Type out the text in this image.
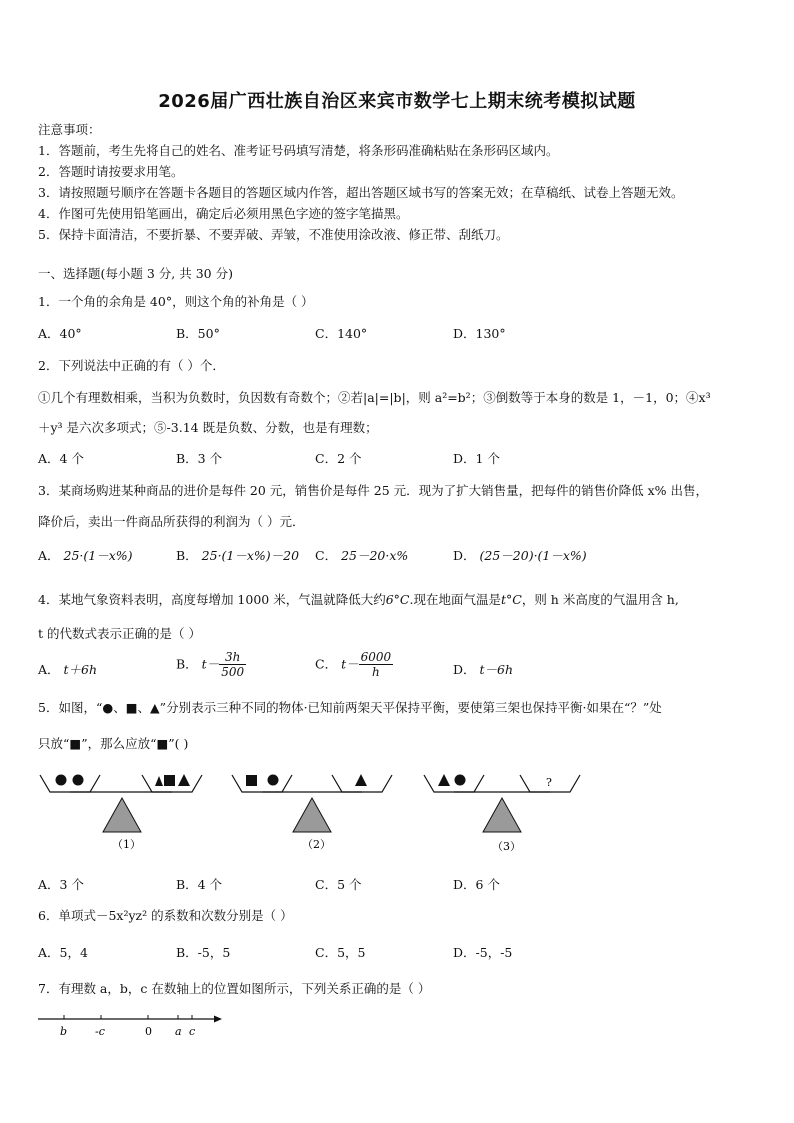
2026届广西壮族自治区来宾市数学七上期末统考模拟试题
注意事项：
1．答题前，考生先将自己的姓名、准考证号码填写清楚，将条形码准确粘贴在条形码区域内。
2．答题时请按要求用笔。
3．请按照题号顺序在答题卡各题目的答题区域内作答，超出答题区域书写的答案无效；在草稿纸、试卷上答题无效。
4．作图可先使用铅笔画出，确定后必须用黑色字迹的签字笔描黑。
5．保持卡面清洁，不要折暴、不要弄破、弄皱，不准使用涂改液、修正带、刮纸刀。
一、选择题(每小题 3 分, 共 30 分)
1．一个角的余角是 40°，则这个角的补角是（ ）
A．40°	B．50°	C．140°	D．130°
2．下列说法中正确的有（ ）个．
①几个有理数相乘，当积为负数时，负因数有奇数个；②若|a|=|b|，则 a²=b²；③倒数等于本身的数是 1，－1，0；④x³
＋y³ 是六次多项式；⑤-3.14 既是负数、分数，也是有理数；
A．4 个	B．3 个	C．2 个	D．1 个
3．某商场购进某种商品的进价是每件 20 元，销售价是每件 25 元．现为了扩大销售量，把每件的销售价降低 x% 出售，
降价后，卖出一件商品所获得的利润为（ ）元．
A． 25·(1－x%)	B． 25·(1－x%)－20 C． 25－20·x%	D． (25－20)·(1－x%)
4．某地气象资料表明，高度每增加 1000 米，气温就降低大约6°C.现在地面气温是t°C，则 h 米高度的气温用含 h,
t 的代数式表示正确的是（ ）
A． t＋6h	B． $t- \frac{3h}{500}$	C． $t- \frac{6000}{h}$	D． t－6h
5．如图，“●、■、▲”分别表示三种不同的物体·已知前两架天平保持平衡，要使第三架也保持平衡·如果在“？”处
只放“■”，那么应放“■”( )
（1）	（2）
?
（3）
A．3 个	B．4 个	C．5 个	D．6 个
6．单项式－5x²yz² 的系数和次数分别是（ ）
A．5，4	B．-5，5	C．5，5	D．-5，-5
7．有理数 a，b，c 在数轴上的位置如图所示，下列关系正确的是（ ）
b	-c	0 a c
